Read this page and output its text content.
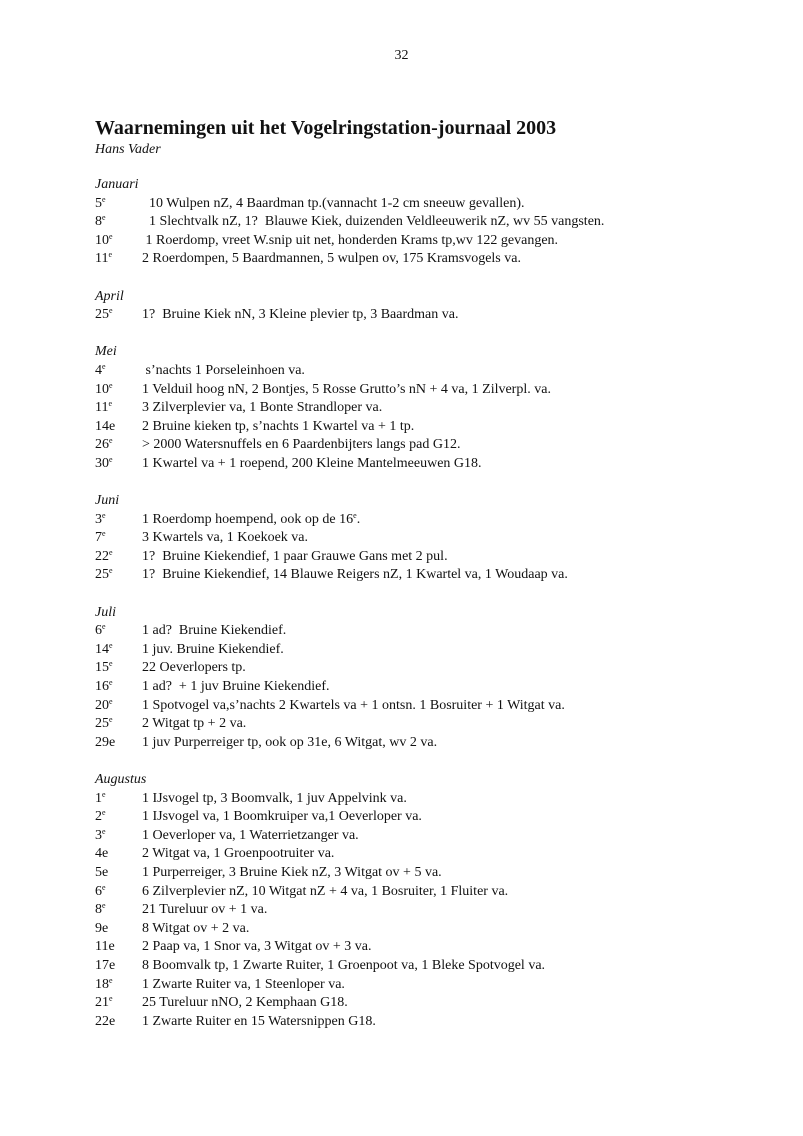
32
Waarnemingen uit het Vogelringstation-journaal 2003
Hans Vader
Januari
5e	10 Wulpen nZ, 4 Baardman tp.(vannacht 1-2 cm sneeuw gevallen).
8e	1 Slechtvalk nZ, 1?  Blauwe Kiek, duizenden Veldleeuwerik nZ, wv 55 vangsten.
10e	1 Roerdomp, vreet W.snip uit net, honderden Krams tp,wv 122 gevangen.
11e	2 Roerdompen, 5 Baardmannen, 5 wulpen ov, 175 Kramsvogels va.
April
25e	1?  Bruine Kiek nN, 3 Kleine plevier tp, 3 Baardman va.
Mei
4e	s’nachts 1 Porseleinhoen va.
10e	1 Velduil hoog nN, 2 Bontjes, 5 Rosse Grutto’s nN + 4 va, 1 Zilverpl. va.
11e	3 Zilverplevier va, 1 Bonte Strandloper va.
14e	2 Bruine kieken tp, s’nachts 1 Kwartel va + 1 tp.
$26^e$	> 2000 Watersnuffels en 6 Paardenbijters langs pad G12.
30e	1 Kwartel va + 1 roepend, 200 Kleine Mantelmeeuwen G18.
Juni
3e	1 Roerdomp hoempend, ook op de 16e.
7e	3 Kwartels va, 1 Koekoek va.
22e	1?  Bruine Kiekendief, 1 paar Grauwe Gans met 2 pul.
25e	1?  Bruine Kiekendief, 14 Blauwe Reigers nZ, 1 Kwartel va, 1 Woudaap va.
Juli
6e	1 ad?  Bruine Kiekendief.
14e	1 juv. Bruine Kiekendief.
15e	22 Oeverlopers tp.
16e	1 ad?  + 1 juv Bruine Kiekendief.
20e	1 Spotvogel va,s’nachts 2 Kwartels va + 1 ontsn. 1 Bosruiter + 1 Witgat va.
25e	2 Witgat tp + 2 va.
29e	1 juv Purperreiger tp, ook op 31e, 6 Witgat, wv 2 va.
Augustus
1e	1 IJsvogel tp, 3 Boomvalk, 1 juv Appelvink va.
2e	1 IJsvogel va, 1 Boomkruiper va,1 Oeverloper va.
3e	1 Oeverloper va, 1 Waterrietzanger va.
4e	2 Witgat va, 1 Groenpootruiter va.
5e	1 Purperreiger, 3 Bruine Kiek nZ, 3 Witgat ov + 5 va.
6e	6 Zilverplevier nZ, 10 Witgat nZ + 4 va, 1 Bosruiter, 1 Fluiter va.
8e	21 Tureluur ov + 1 va.
9e	8 Witgat ov + 2 va.
11e	2 Paap va, 1 Snor va, 3 Witgat ov + 3 va.
17e	8 Boomvalk tp, 1 Zwarte Ruiter, 1 Groenpoot va, 1 Bleke Spotvogel va.
18e	1 Zwarte Ruiter va, 1 Steenloper va.
21e	25 Tureluur nNO, 2 Kemphaan G18.
22e	1 Zwarte Ruiter en 15 Watersnippen G18.
